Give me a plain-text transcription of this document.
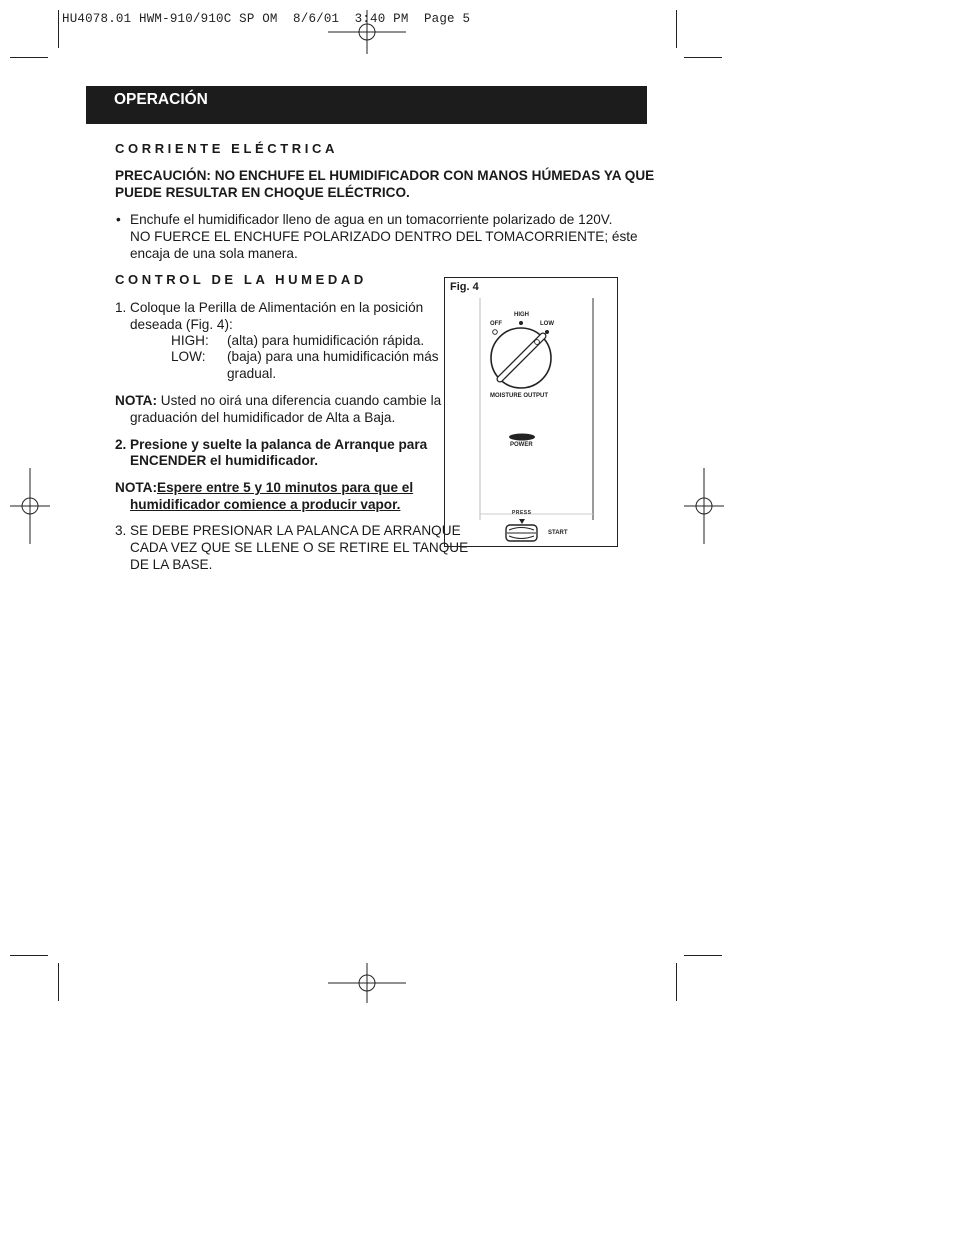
HU4078.01 HWM-910/910C SP OM  8/6/01  3:40 PM  Page 5
OPERACIÓN
CORRIENTE ELÉCTRICA
PRECAUCIÓN: NO ENCHUFE EL HUMIDIFICADOR CON MANOS HÚMEDAS YA QUE
PUEDE RESULTAR EN CHOQUE ELÉCTRICO.
• Enchufe el humidificador lleno de agua en un tomacorriente polarizado de 120V.
NO FUERCE EL ENCHUFE POLARIZADO DENTRO DEL TOMACORRIENTE; éste
encaja de una sola manera.
CONTROL DE LA HUMEDAD
1. Coloque la Perilla de Alimentación en la posición
deseada (Fig. 4):
HIGH: (alta) para humidificación rápida.
LOW: (baja) para una humidificación más
gradual.
NOTA: Usted no oirá una diferencia cuando cambie la
graduación del humidificador de Alta a Baja.
2. Presione y suelte la palanca de Arranque para
ENCENDER el humidificador.
NOTA: Espere entre 5 y 10 minutos para que el
humidificador comience a producir vapor.
3. SE DEBE PRESIONAR LA PALANCA DE ARRANQUE
CADA VEZ QUE SE LLENE O SE RETIRE EL TANQUE
DE LA BASE.
Fig. 4
OFF
HIGH
LOW
MOISTURE OUTPUT
POWER
PRESS
START
